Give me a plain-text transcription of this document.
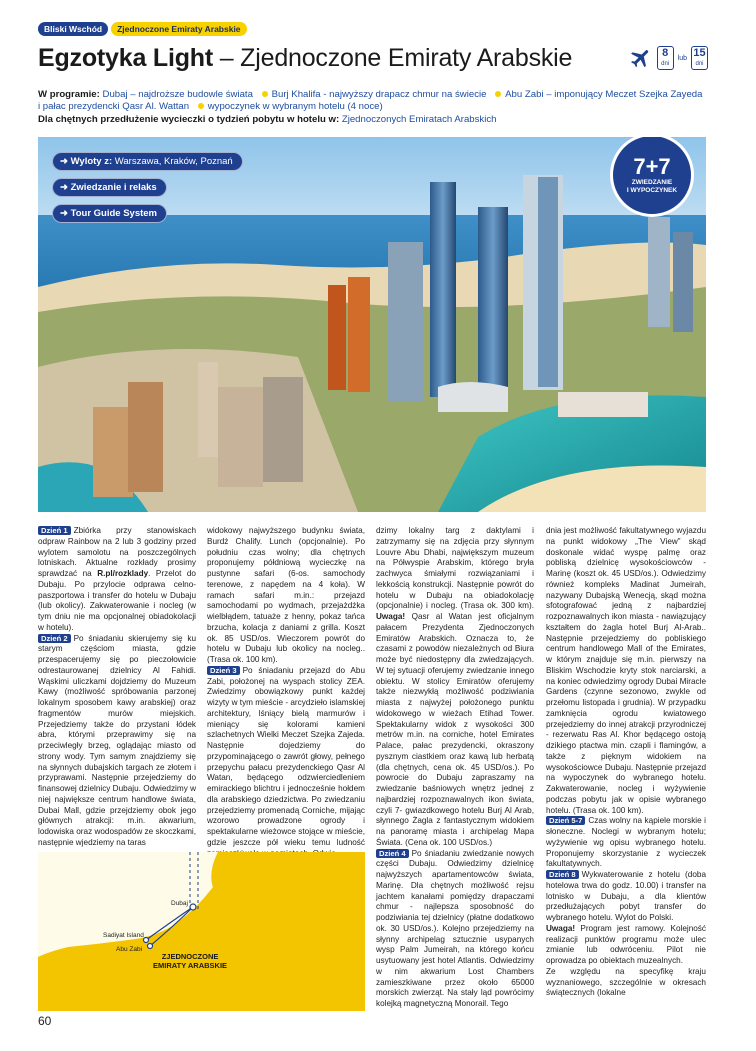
Bliski Wschód	Zjednoczone Emiraty Arabskie
Egzotyka Light – Zjednoczone Emiraty Arabskie	8
dni
lub 15
dni
W programie: Dubaj – najdroższe budowle świata Burj Khalifa - najwyższy drapacz chmur na świecie Abu Zabi – imponujący Meczet Szejka Zayeda i pałac prezydencki Qasr Al. Wattan wypoczynek w wybranym hotelu (4 noce)
Dla chętnych przedłużenie wycieczki o tydzień pobytu w hotelu w: Zjednoczonych Emiratach Arabskich
➜ Wyloty z: Warszawa, Kraków, Poznań
➜ Zwiedzanie i relaks
➜ Tour Guide System
7+7
ZWIEDZANIE
I WYPOCZYNEK

Dzień 1 Zbiórka przy stanowiskach odpraw Rainbow na 2 lub 3 godziny przed wylotem samolotu na poszczególnych lotniskach. Aktualne rozkłady prosimy sprawdzać na R.pl/rozklady. Przelot do Dubaju. Po przylocie odprawa celno-paszportowa i transfer do hotelu w Dubaju (lub okolicy). Zakwaterowanie i nocleg (w tym dniu nie ma opcjonalnej obiadokolacji w hotelu).

Dzień 2 Po śniadaniu skierujemy się ku starym częściom miasta, gdzie przespacerujemy się po pieczołowicie odrestaurowanej dzielnicy Al Fahidi. Wąskimi uliczkami dojdziemy do Muzeum Kawy (możliwość spróbowania parzonej lokalnym sposobem kawy arabskiej) oraz fragmentów murów miejskich. Przejedziemy także do przystani łódek abra, którymi przeprawimy się na przeciwległy brzeg, oglądając miasto od strony wody. Tym samym znajdziemy się na słynnych dubajskich targach ze złotem i przyprawami. Następnie przejedziemy do finansowej dzielnicy Dubaju. Odwiedzimy w niej największe centrum handlowe świata, Dubai Mall, gdzie przejdziemy obok jego głównych atrakcji: m.in. akwarium, lodowiska oraz wodospadów ze skoczkami, następnie wjedziemy na taras

widokowy najwyższego budynku świata, Burdż Chalify. Lunch (opcjonalnie). Po południu czas wolny; dla chętnych proponujemy półdniową wycieczkę na pustynne safari (6-os. samochody terenowe, z napędem na 4 koła). W ramach safari m.in.: przejazd samochodami po wydmach, przejażdżka wielbłądem, tatuaże z henny, pokaz tańca brzucha, kolacja z daniami z grilla. Koszt ok. 85 USD/os. Wieczorem powrót do hotelu w Dubaju lub okolicy na nocleg.. (Trasa ok. 100 km).

Dzień 3 Po śniadaniu przejazd do Abu Zabi, położonej na wyspach stolicy ZEA. Zwiedzimy obowiązkowy punkt każdej wizyty w tym mieście - arcydzieło islamskiej architektury, lśniący bielą marmurów i mieniący się kolorami kamieni szlachetnych Wielki Meczet Szejka Zajeda. Następnie dojedziemy do przypominającego o zawrót głowy, pełnego przepychu pałacu prezydenckiego Qasr Al Watan, będącego odzwierciedleniem emirackiego blichtru i jednocześnie hołdem dla arabskiego dziedzictwa. Po zwiedzaniu przejedziemy promenadą Corniche, mijając wzorowo prowadzone ogrody i spektakularne wieżowce stojące w mieście, gdzie jeszcze pół wieku temu ludność

dzimy lokalny targ z daktylami i zatrzymamy się na zdjęcia przy słynnym Louvre Abu Dhabi, największym muzeum na Półwyspie Arabskim, którego bryła zachwyca śmiałymi rozwiązaniami i lekkością konstrukcji. Następnie powrót do hotelu w Dubaju na obiadokolację (opcjonalnie) i nocleg. (Trasa ok. 300 km). Uwaga! Qasr al Watan jest oficjalnym pałacem Prezydenta Zjednoczonych Emiratów Arabskich. Oznacza to, że czasami z powodów niezależnych od Biura może być niedostępny dla zwiedzających. W tej sytuacji oferujemy zwiedzanie innego obiektu. W stolicy Emiratów oferujemy także niezwykłą możliwość podziwiania miasta z najwyżej położonego punktu widokowego w wieżach Etihad Tower. Spektakularny widok z wysokości 300 metrów m.in. na corniche, hotel Emirates Palace, pałac prezydencki, okraszony pysznym ciastkiem oraz kawą lub herbatą (dla chętnych, cena ok. 45 USD/os.). Po powrocie do Dubaju zapraszamy na zwiedzanie baśniowych wnętrz jednej z najbardziej rozpoznawalnych ikon świata, czyli 7- gwiazdkowego hotelu Burj Al Arab, słynnego Żagla z fantastycznym widokiem na panoramę miasta i archipelag Mapa Świata. (Cena ok. 100 USD/os.)

Dzień 4 Po śniadaniu zwiedzanie nowych części Dubaju. Odwiedzimy dzielnicę najwyższych apartamentowców świata, Marinę. Dla chętnych możliwość rejsu jachtem kanałami pomiędzy drapaczami chmur - najlepsza sposobność do podziwiania tej dzielnicy (płatne dodatkowo ok. 30 USD/os.). Kolejno przejedziemy na słynny archipelag sztucznie usypanych wysp Palm Jumeirah, na którego końcu usytuowany jest hotel Atlantis. Odwiedzimy w nim akwarium Lost Chambers zamieszkiwane przez około 65000 morskich zwierząt. Na stały ląd powrócimy kolejką magnetyczną Monorail. Tego

dnia jest możliwość fakultatywnego wyjazdu na punkt widokowy „The View” skąd doskonale widać wyspę palmę oraz pobliską dzielnicę wysokościowców - Marinę (koszt ok. 45 USD/os.). Odwiedzimy również kompleks Madinat Jumeirah, nazywany Dubajską Wenecją, skąd można sfotografować jedną z najbardziej rozpoznawalnych ikon miasta - nawiązujący kształtem do żagla hotel Burj Al-Arab.. Następnie przejedziemy do pobliskiego centrum handlowego Mall of the Emirates, w którym znajduje się m.in. pierwszy na Bliskim Wschodzie kryty stok narciarski, a na koniec odwiedzimy ogrody Dubai Miracle Gardens (czynne sezonowo, zwykle od przełomu listopada i grudnia). W przypadku zamknięcia ogrodu kwiatowego przejedziemy do innej atrakcji przyrodniczej - rezerwatu Ras Al. Khor będącego ostoją dzikiego ptactwa min. czapli i flamingów, a także z pięknym widokiem na wysokościowce Dubaju. Następnie przejazd na wypoczynek do wybranego hotelu. Zakwaterowanie, nocleg i wyżywienie podczas pobytu jak w opisie wybranego hotelu. (Trasa ok. 100 km).

Dzień 5-7 Czas wolny na kąpiele morskie i słoneczne. Noclegi w wybranym hotelu; wyżywienie wg opisu wybranego hotelu. Proponujemy skorzystanie z wycieczek fakultatywnych.

Dzień 8 Wykwaterowanie z hotelu (doba hotelowa trwa do godz. 10.00) i transfer na lotnisko w Dubaju, a dla klientów przedłużających pobyt transfer do wybranego hotelu. Wylot do Polski.

Uwaga! Program jest ramowy. Kolejność realizacji punktów programu może ulec zmianie lub odwróceniu. Pilot nie oprowadza po obiektach muzealnych.

Ze względu na specyfikę kraju wyznaniowego, szczególnie w okresach świątecznych (lokalne

Dubaj
Sadiyat Island
Abu Zabi
ZJEDNOCZONE
EMIRATY ARABSKIE
60
